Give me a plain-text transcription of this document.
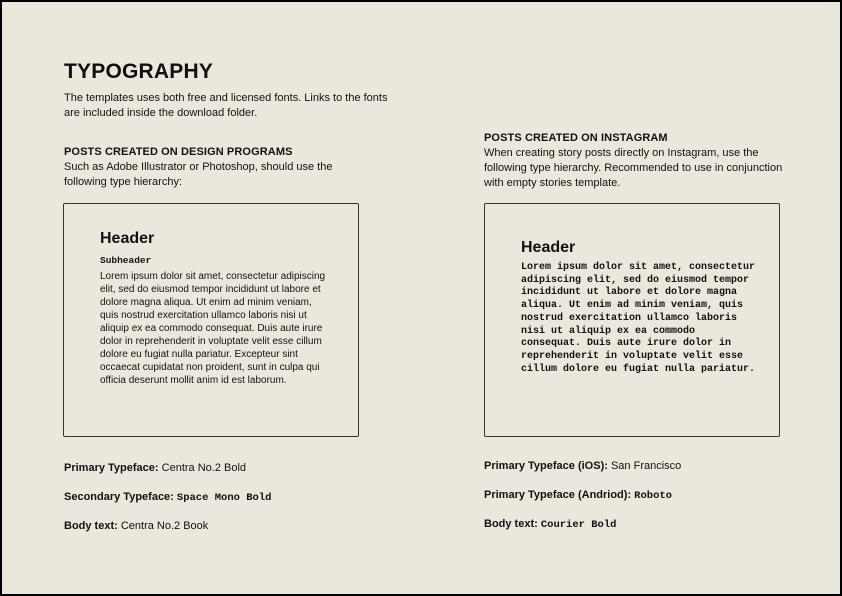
TYPOGRAPHY

The templates uses both free and licensed fonts. Links to the fonts are included inside the download folder.

POSTS CREATED ON DESIGN PROGRAMS

Such as Adobe Illustrator or Photoshop, should use the following type hierarchy:

Header

Subheader

Lorem ipsum dolor sit amet, consectetur adipiscing elit, sed do eiusmod tempor incididunt ut labore et dolore magna aliqua. Ut enim ad minim veniam, quis nostrud exercitation ullamco laboris nisi ut aliquip ex ea commodo consequat. Duis aute irure dolor in reprehenderit in voluptate velit esse cillum dolore eu fugiat nulla pariatur. Excepteur sint occaecat cupidatat non proident, sunt in culpa qui officia deserunt mollit anim id est laborum.

Primary Typeface: Centra No.2 Bold

Secondary Typeface: Space Mono Bold

Body text: Centra No.2 Book

POSTS CREATED ON INSTAGRAM

When creating story posts directly on Instagram, use the following type hierarchy. Recommended to use in conjunction with empty stories template.

Header

Lorem ipsum dolor sit amet, consectetur adipiscing elit, sed do eiusmod tempor incididunt ut labore et dolore magna aliqua. Ut enim ad minim veniam, quis nostrud exercitation ullamco laboris nisi ut aliquip ex ea commodo consequat. Duis aute irure dolor in reprehenderit in voluptate velit esse cillum dolore eu fugiat nulla pariatur.

Primary Typeface (iOS): San Francisco

Primary Typeface (Andriod): Roboto

Body text: Courier Bold
